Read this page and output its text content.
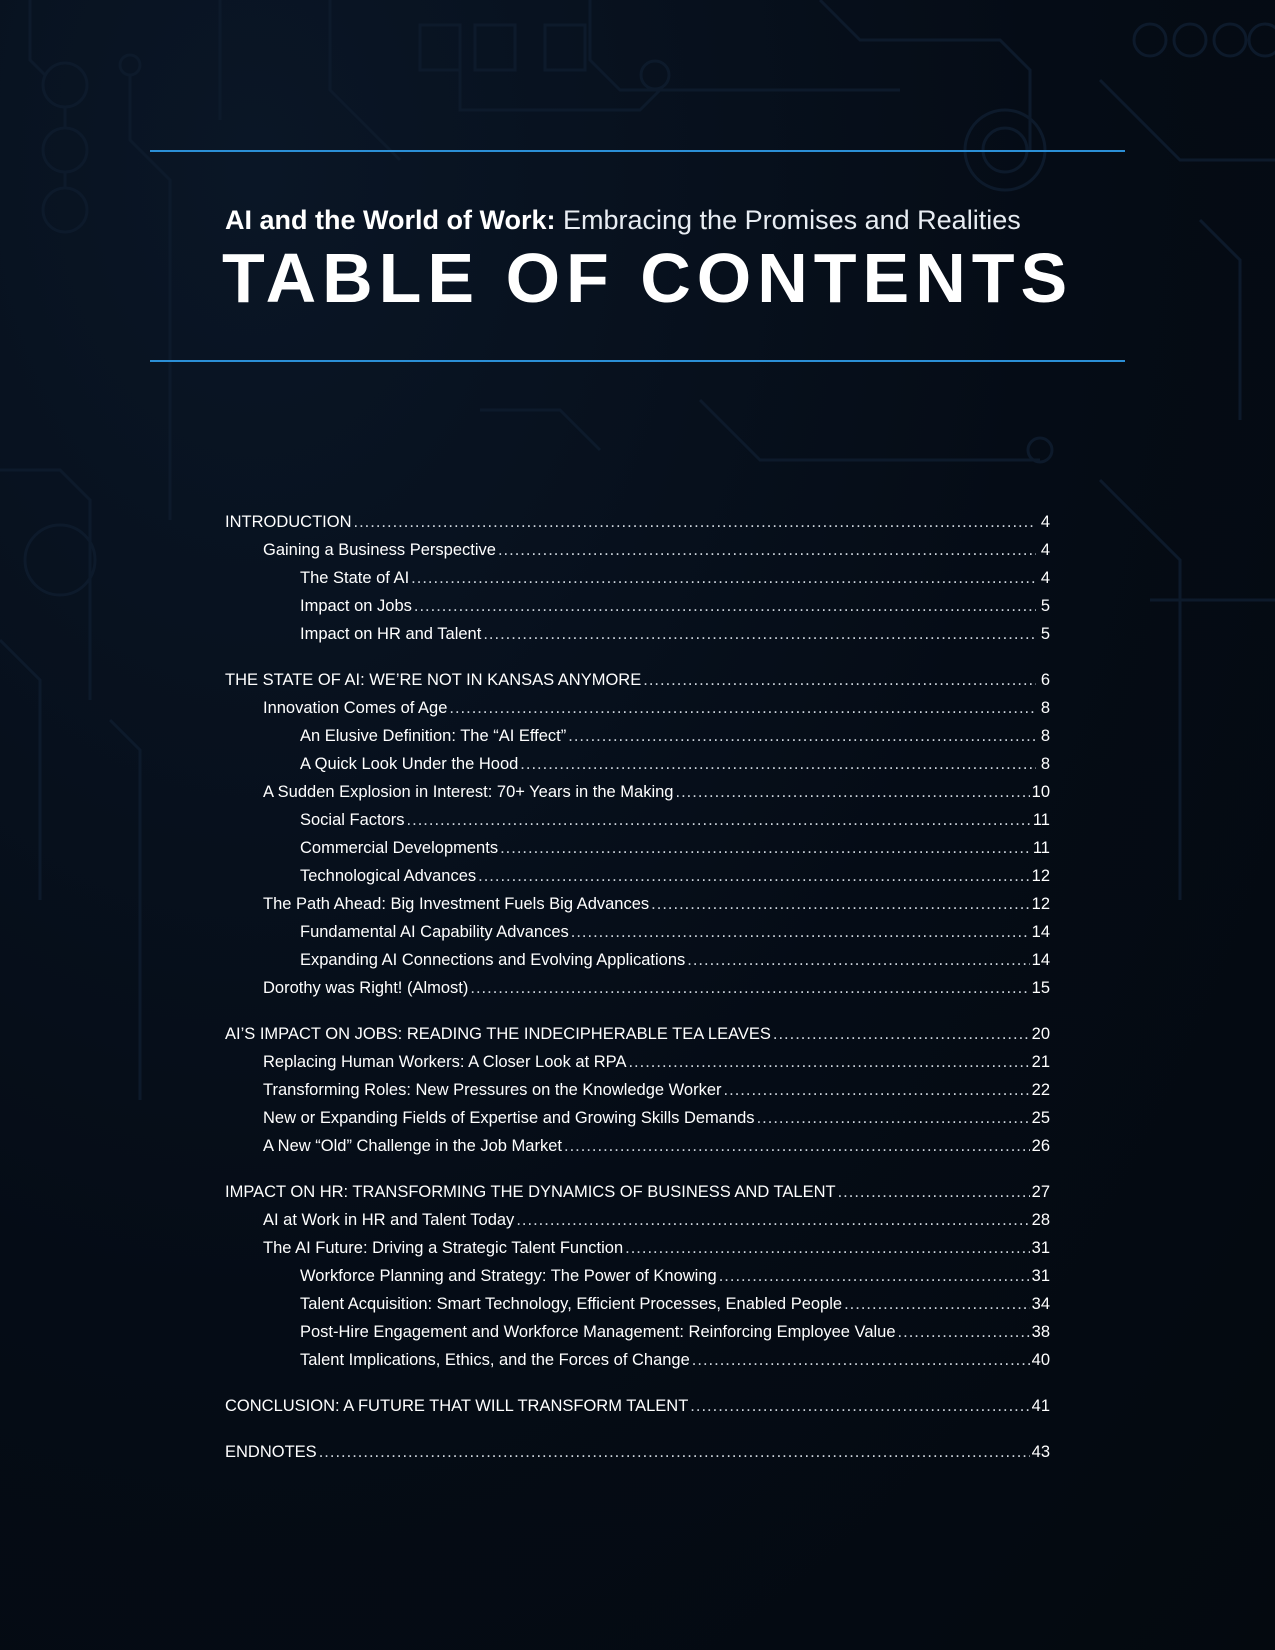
AI and the World of Work: Embracing the Promises and Realities
TABLE OF CONTENTS
INTRODUCTION .....	4
Gaining a Business Perspective .....	4
The State of AI .....	4
Impact on Jobs .....	5
Impact on HR and Talent .....	5
THE STATE OF AI: WE’RE NOT IN KANSAS ANYMORE .....	6
Innovation Comes of Age .....	8
An Elusive Definition: The “AI Effect” .....	8
A Quick Look Under the Hood .....	8
A Sudden Explosion in Interest: 70+ Years in the Making .....	10
Social Factors .....	11
Commercial Developments .....	11
Technological Advances .....	12
The Path Ahead: Big Investment Fuels Big Advances .....	12
Fundamental AI Capability Advances .....	14
Expanding AI Connections and Evolving Applications .....	14
Dorothy was Right! (Almost) .....	15
AI’S IMPACT ON JOBS: READING THE INDECIPHERABLE TEA LEAVES .....	20
Replacing Human Workers: A Closer Look at RPA .....	21
Transforming Roles: New Pressures on the Knowledge Worker .....	22
New or Expanding Fields of Expertise and Growing Skills Demands .....	25
A New “Old” Challenge in the Job Market .....	26
IMPACT ON HR: TRANSFORMING THE DYNAMICS OF BUSINESS AND TALENT .....	27
AI at Work in HR and Talent Today .....	28
The AI Future: Driving a Strategic Talent Function .....	31
Workforce Planning and Strategy: The Power of Knowing .....	31
Talent Acquisition: Smart Technology, Efficient Processes, Enabled People .....	34
Post-Hire Engagement and Workforce Management: Reinforcing Employee Value .....	38
Talent Implications, Ethics, and the Forces of Change .....	40
CONCLUSION: A FUTURE THAT WILL TRANSFORM TALENT .....	41
ENDNOTES .....	43
